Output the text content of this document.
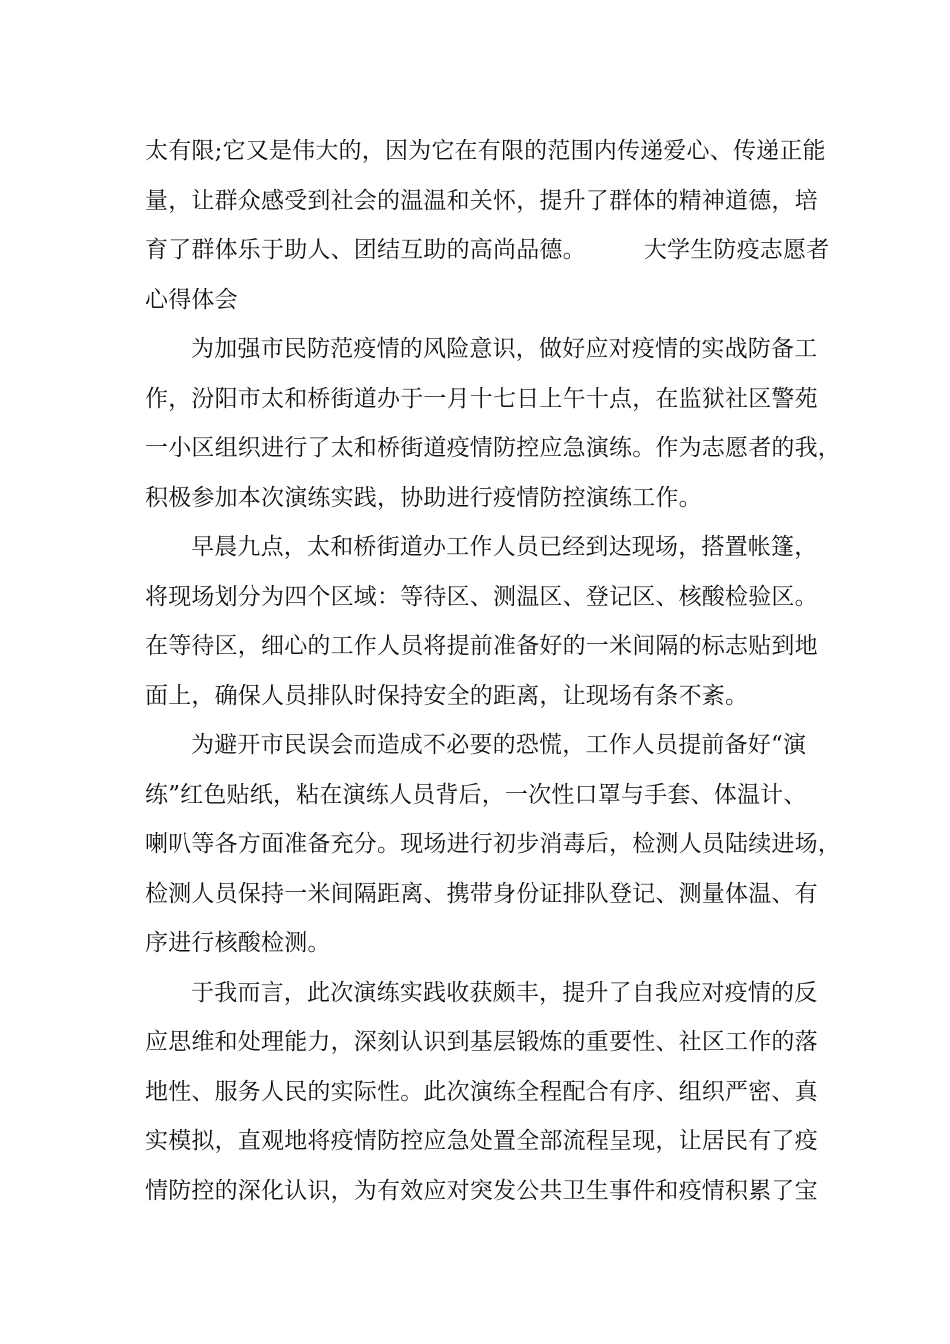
太有限;它又是伟大的，因为它在有限的范围内传递爱心、传递正能
量，让群众感受到社会的温温和关怀，提升了群体的精神道德，培
育了群体乐于助人、团结互助的高尚品德。	大学生防疫志愿者
心得体会
为加强市民防范疫情的风险意识，做好应对疫情的实战防备工
作，汾阳市太和桥街道办于一月十七日上午十点，在监狱社区警苑
一小区组织进行了太和桥街道疫情防控应急演练。作为志愿者的我，
积极参加本次演练实践，协助进行疫情防控演练工作。
早晨九点，太和桥街道办工作人员已经到达现场，搭置帐篷，
将现场划分为四个区域：等待区、测温区、登记区、核酸检验区。
在等待区，细心的工作人员将提前准备好的一米间隔的标志贴到地
面上，确保人员排队时保持安全的距离，让现场有条不紊。
为避开市民误会而造成不必要的恐慌，工作人员提前备好“演
练”红色贴纸，粘在演练人员背后，一次性口罩与手套、体温计、
喇叭等各方面准备充分。现场进行初步消毒后，检测人员陆续进场，
检测人员保持一米间隔距离、携带身份证排队登记、测量体温、有
序进行核酸检测。
于我而言，此次演练实践收获颇丰，提升了自我应对疫情的反
应思维和处理能力，深刻认识到基层锻炼的重要性、社区工作的落
地性、服务人民的实际性。此次演练全程配合有序、组织严密、真
实模拟，直观地将疫情防控应急处置全部流程呈现，让居民有了疫
情防控的深化认识，为有效应对突发公共卫生事件和疫情积累了宝
